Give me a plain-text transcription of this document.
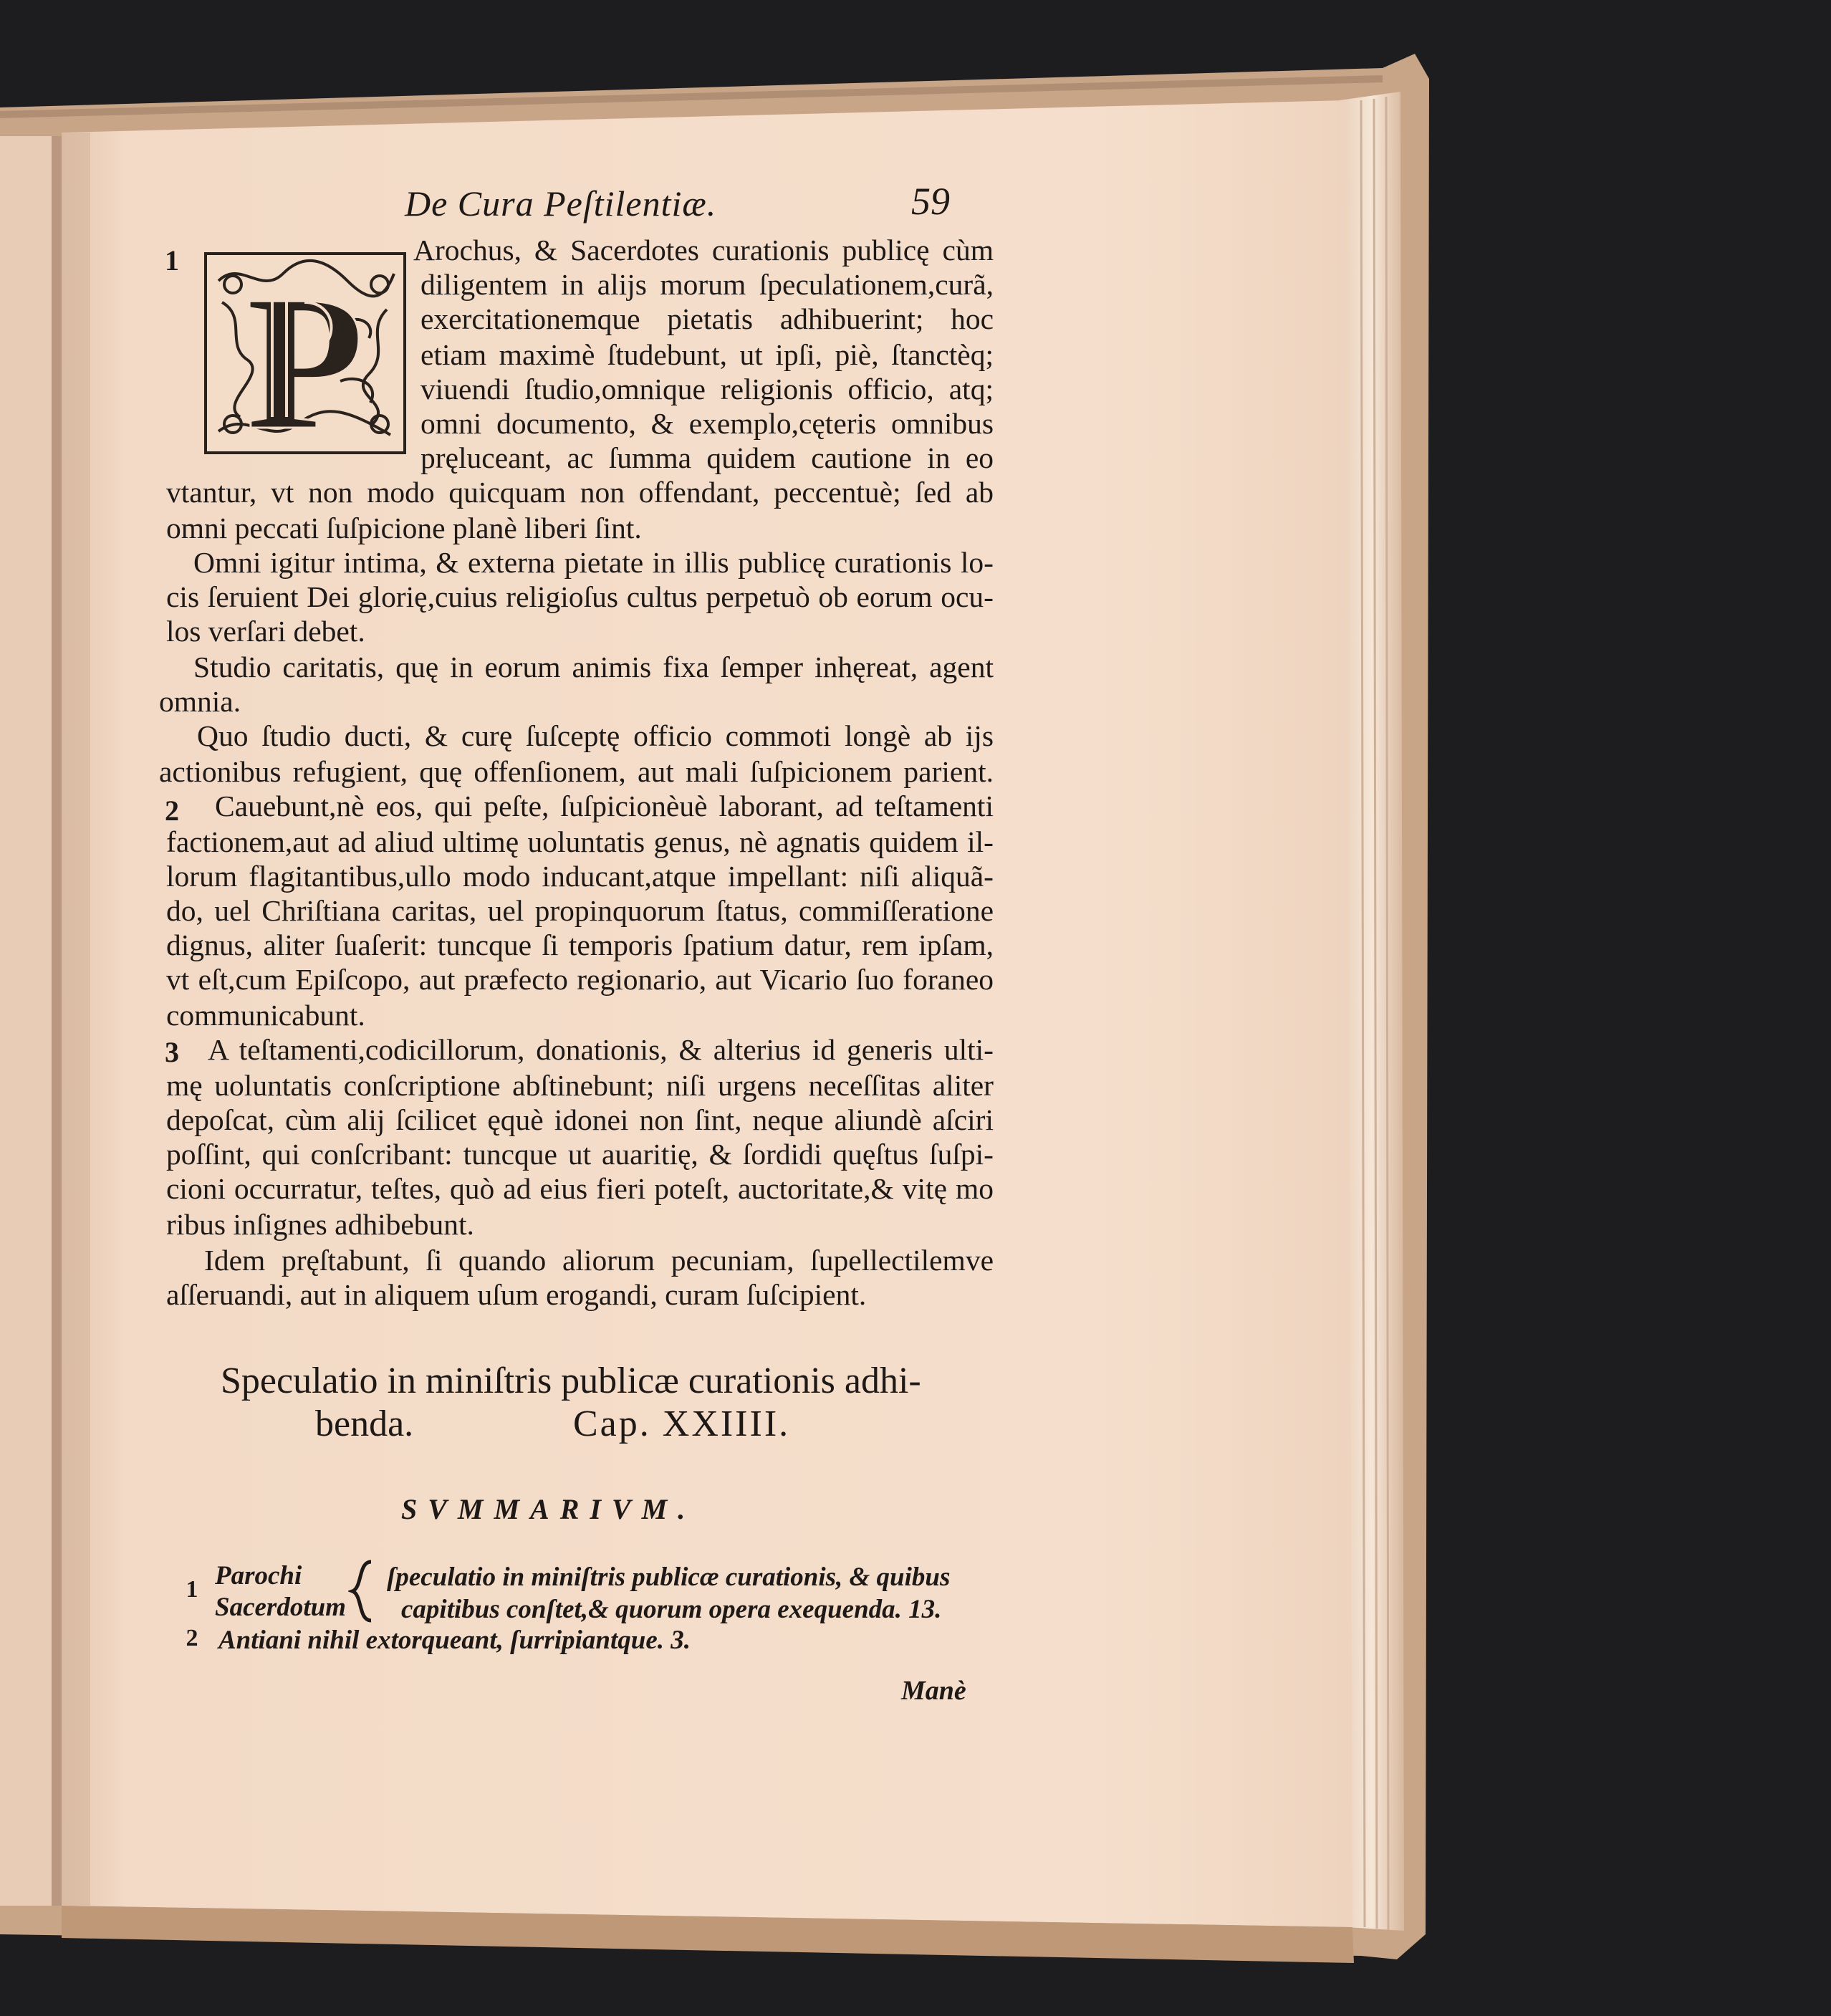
De Cura Peſtilentiæ.	59
1
2
3
P
Arochus, & Sacerdotes curationis publicę cùm
diligentem in alijs morum ſpeculationem,curã,
exercitationemque pietatis adhibuerint; hoc
etiam maximè ſtudebunt, ut ipſi, piè, ſtanctèq;
viuendi ſtudio,omnique religionis officio, atq;
omni documento, & exemplo,cęteris omnibus
pręluceant, ac ſumma quidem cautione in eo
vtantur, vt non modo quicquam non offendant, peccentuè; ſed ab
omni peccati ſuſpicione planè liberi ſint.
Omni igitur intima, & externa pietate in illis publicę curationis lo-
cis ſeruient Dei glorię,cuius religioſus cultus perpetuò ob eorum ocu-
los verſari debet.
Studio caritatis, quę in eorum animis fixa ſemper inhęreat, agent
omnia.
Quo ſtudio ducti, & curę ſuſceptę officio commoti longè ab ijs
actionibus refugient, quę offenſionem, aut mali ſuſpicionem parient.
Cauebunt,nè eos, qui peſte, ſuſpicionèuè laborant, ad teſtamenti
factionem,aut ad aliud ultimę uoluntatis genus, nè agnatis quidem il-
lorum flagitantibus,ullo modo inducant,atque impellant: niſi aliquã-
do, uel Chriſtiana caritas, uel propinquorum ſtatus, commiſſeratione
dignus, aliter ſuaſerit: tuncque ſi temporis ſpatium datur, rem ipſam,
vt eſt,cum Epiſcopo, aut præfecto regionario, aut Vicario ſuo foraneo
communicabunt.
A teſtamenti,codicillorum, donationis, & alterius id generis ulti-
mę uoluntatis conſcriptione abſtinebunt; niſi urgens neceſſitas aliter
depoſcat, cùm alij ſcilicet ęquè idonei non ſint, neque aliundè aſciri
poſſint, qui conſcribant: tuncque ut auaritię, & ſordidi quęſtus ſuſpi-
cioni occurratur, teſtes, quò ad eius fieri poteſt, auctoritate,& vitę mo
ribus inſignes adhibebunt.
Idem pręſtabunt, ſi quando aliorum pecuniam, ſupellectilemve
aſſeruandi, aut in aliquem uſum erogandi, curam ſuſcipient.
Speculatio in miniſtris publicæ curationis adhi-
benda.	Cap. XXIIII.
SVMMARIVM.
1 Parochi
Sacerdotum
ſpeculatio in miniſtris publicæ curationis, & quibus
capitibus conſtet,& quorum opera exequenda. 13.
2 Antiani nihil extorqueant, ſurripiantque. 3.
Manè
